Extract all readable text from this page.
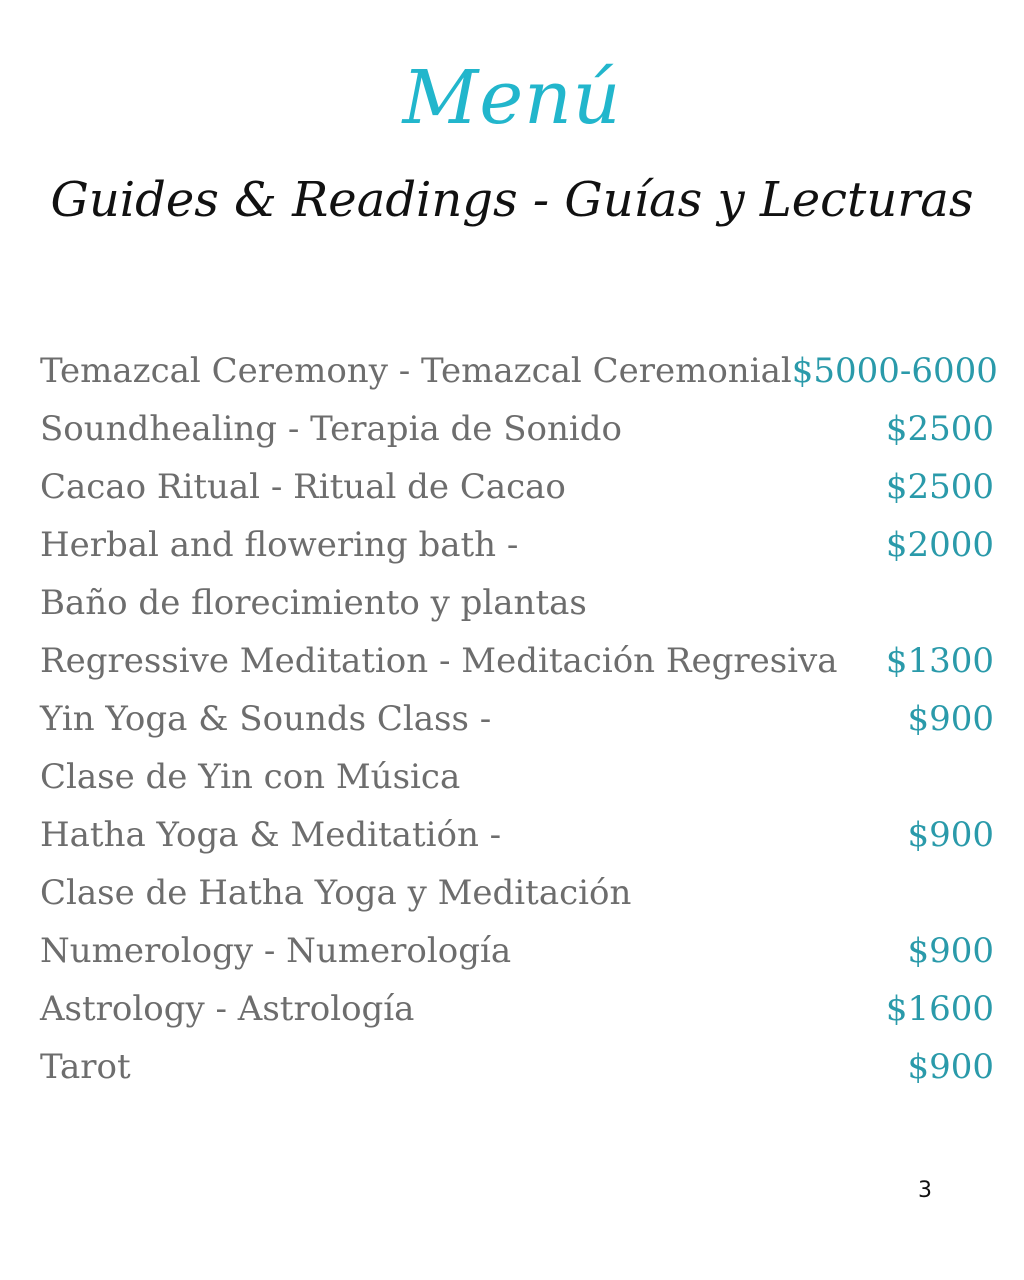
Menú
Guides & Readings - Guías y Lecturas
Temazcal Ceremony - Temazcal Ceremonial $5000-6000
Soundhealing - Terapia de Sonido	$2500
Cacao Ritual - Ritual de Cacao	$2500
Herbal and flowering bath -	$2000
Baño de florecimiento y plantas
Regressive Meditation - Meditación Regresiva $1300
Yin Yoga & Sounds Class -	$900
Clase de Yin con Música
Hatha Yoga & Meditatión -	$900
Clase de Hatha Yoga y Meditación
Numerology - Numerología	$900
Astrology - Astrología	$1600
Tarot	$900
3
